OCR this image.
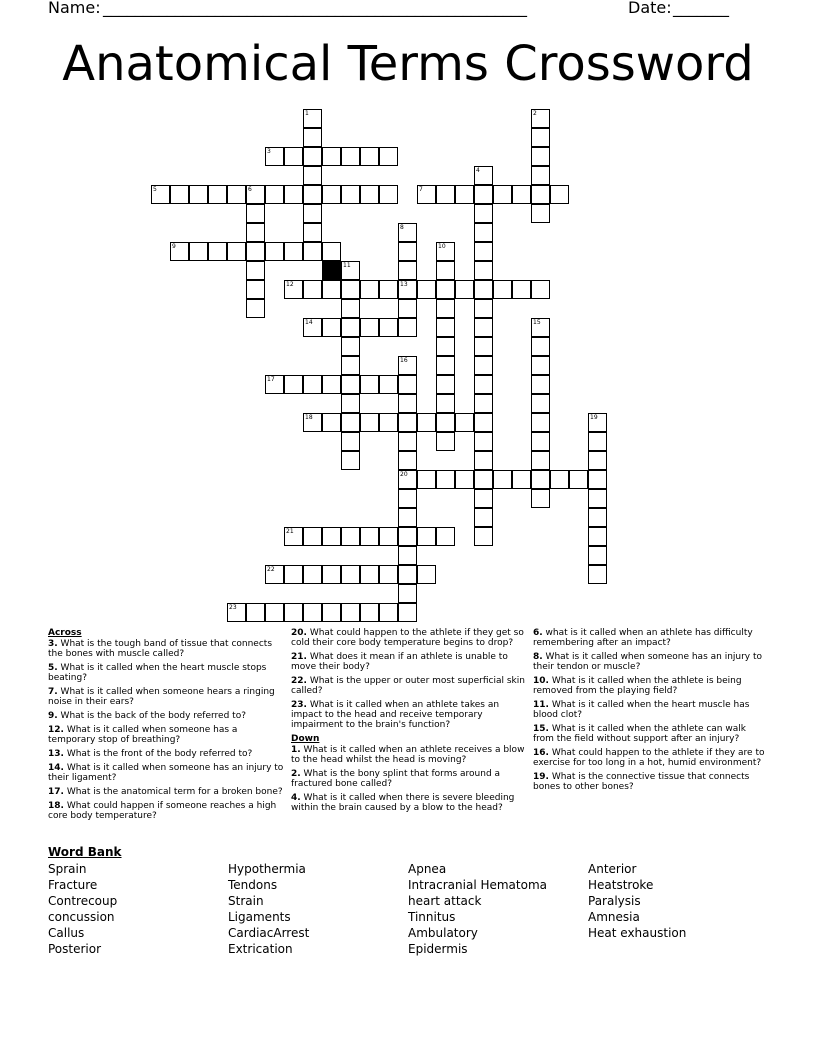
Name:
_____________________________________________________	Date:
_______
Anatomical Terms Crossword
1	2
3
4
5	6	7
8
13
9	10
11
12
14	15
16
20
17
18	19
21
22
23
Across
3. What is the tough band of tissue that connects the bones with muscle called?
5. What is it called when the heart muscle stops beating?
7. What is it called when someone hears a ringing noise in their ears?
9. What is the back of the body referred to?
12. What is it called when someone has a temporary stop of breathing?
13. What is the front of the body referred to?
14. What is it called when someone has an injury to their ligament?
17. What is the anatomical term for a broken bone?
18. What could happen if someone reaches a high core body temperature?
20. What could happen to the athlete if they get so cold their core body temperature begins to drop?
21. What does it mean if an athlete is unable to move their body?
22. What is the upper or outer most superficial skin called?
23. What is it called when an athlete takes an impact to the head and receive temporary impairment to the brain's function?
Down
1. What is it called when an athlete receives a blow to the head whilst the head is moving?
2. What is the bony splint that forms around a fractured bone called?
4. What is it called when there is severe bleeding within the brain caused by a blow to the head?
6. what is it called when an athlete has difficulty remembering after an impact?
8. What is it called when someone has an injury to their tendon or muscle?
10. What is it called when the athlete is being removed from the playing field?
11. What is it called when the heart muscle has blood clot?
15. What is it called when the athlete can walk from the field without support after an injury?
16. What could happen to the athlete if they are to exercise for too long in a hot, humid environment?
19. What is the connective tissue that connects bones to other bones?
Word Bank
Sprain
Fracture
Contrecoup
concussion
Callus
Posterior
Hypothermia
Tendons
Strain
Ligaments
CardiacArrest
Extrication
Apnea
Intracranial Hematoma
heart attack
Tinnitus
Ambulatory
Epidermis
Anterior
Heatstroke
Paralysis
Amnesia
Heat exhaustion
